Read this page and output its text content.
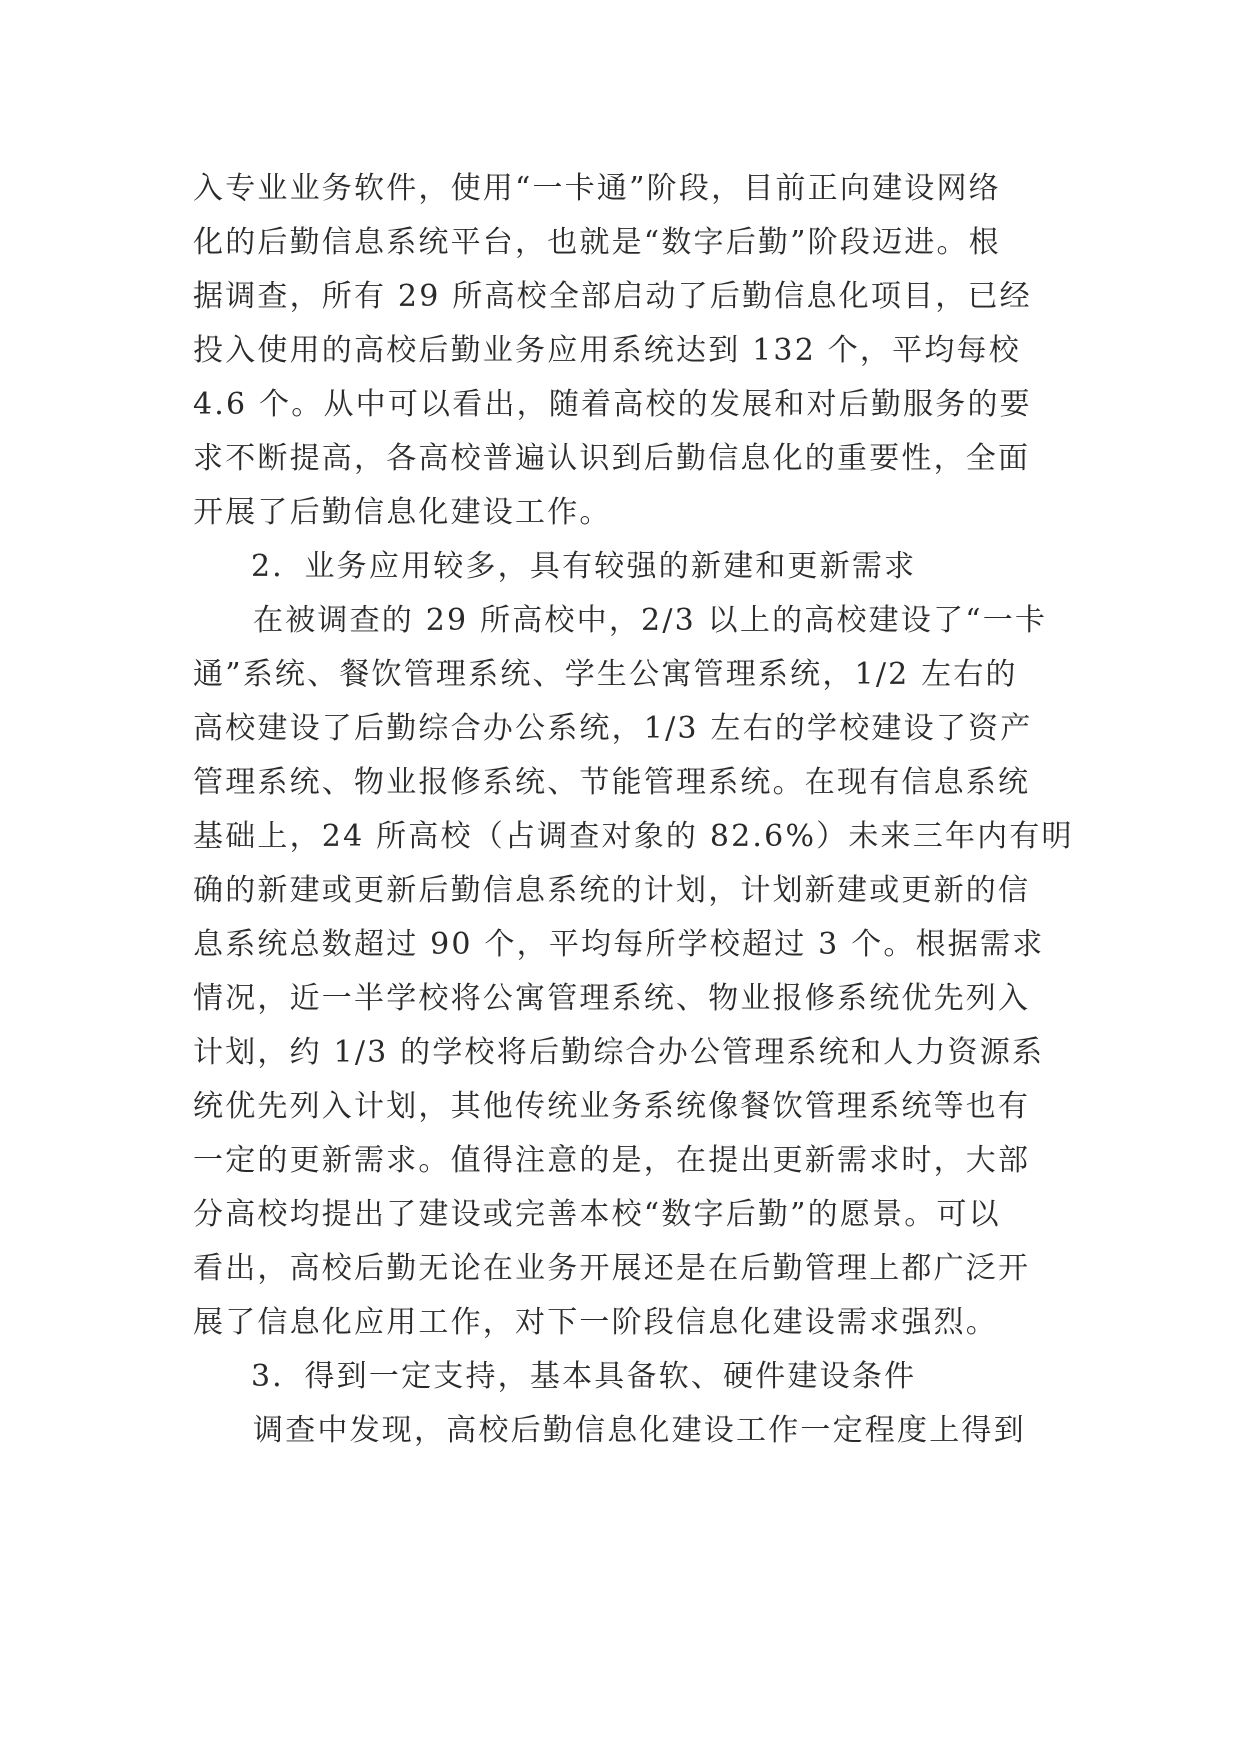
入专业业务软件，使用“一卡通”阶段，目前正向建设网络
化的后勤信息系统平台，也就是“数字后勤”阶段迈进。根
据调查，所有 29 所高校全部启动了后勤信息化项目，已经
投入使用的高校后勤业务应用系统达到 132 个，平均每校
4.6 个。从中可以看出，随着高校的发展和对后勤服务的要
求不断提高，各高校普遍认识到后勤信息化的重要性，全面
开展了后勤信息化建设工作。
2．业务应用较多，具有较强的新建和更新需求
在被调查的 29 所高校中，2/3 以上的高校建设了“一卡
通”系统、餐饮管理系统、学生公寓管理系统，1/2 左右的
高校建设了后勤综合办公系统，1/3 左右的学校建设了资产
管理系统、物业报修系统、节能管理系统。在现有信息系统
基础上，24 所高校（占调查对象的 82.6%）未来三年内有明
确的新建或更新后勤信息系统的计划，计划新建或更新的信
息系统总数超过 90 个，平均每所学校超过 3 个。根据需求
情况，近一半学校将公寓管理系统、物业报修系统优先列入
计划，约 1/3 的学校将后勤综合办公管理系统和人力资源系
统优先列入计划，其他传统业务系统像餐饮管理系统等也有
一定的更新需求。值得注意的是，在提出更新需求时，大部
分高校均提出了建设或完善本校“数字后勤”的愿景。可以
看出，高校后勤无论在业务开展还是在后勤管理上都广泛开
展了信息化应用工作，对下一阶段信息化建设需求强烈。
3．得到一定支持，基本具备软、硬件建设条件
调查中发现，高校后勤信息化建设工作一定程度上得到
